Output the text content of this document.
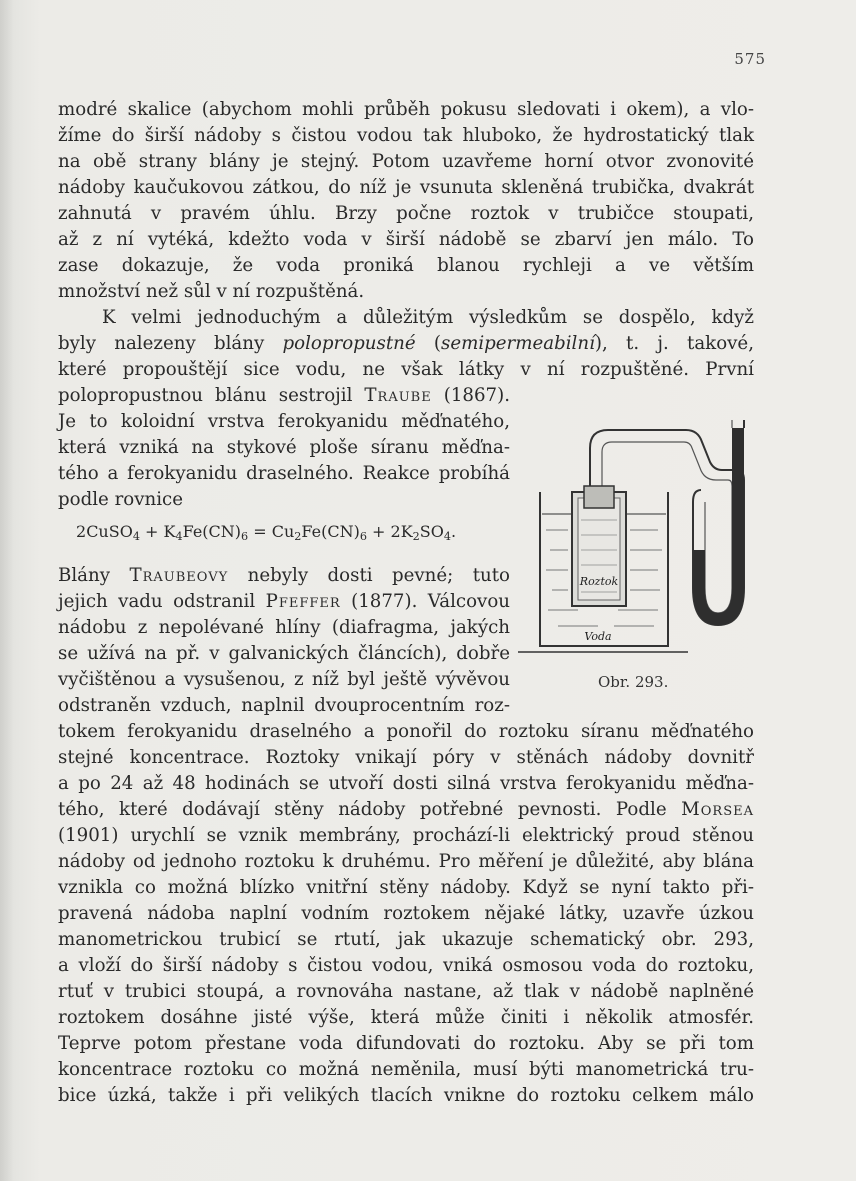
575
modré skalice (abychom mohli průběh pokusu sledovati i okem), a vlo-
žíme do širší nádoby s čistou vodou tak hluboko, že hydrostatický tlak
na obě strany blány je stejný. Potom uzavřeme horní otvor zvonovité
nádoby kaučukovou zátkou, do níž je vsunuta skleněná trubička, dvakrát
zahnutá v pravém úhlu. Brzy počne roztok v trubičce stoupati,
až z ní vytéká, kdežto voda v širší nádobě se zbarví jen málo. To
zase dokazuje, že voda proniká blanou rychleji a ve větším
množství než sůl v ní rozpuštěná.
K velmi jednoduchým a důležitým výsledkům se dospělo, když
byly nalezeny blány polopropustné (semipermeabilní), t. j. takové,
které propouštějí sice vodu, ne však látky v ní rozpuštěné. První
polopropustnou blánu sestrojil Traube (1867).
Je to koloidní vrstva ferokyanidu měďnatého,
která vzniká na stykové ploše síranu měďna-
tého a ferokyanidu draselného. Reakce probíhá
podle rovnice
2CuSO$_4$ + $K_4Fe(CN)_6 = Cu_2Fe(CN)_6 + 2K_2SO_4$.
Blány Traubeovy nebyly dosti pevné; tuto
jejich vadu odstranil Pfeffer (1877). Válcovou
nádobu z nepolévané hlíny (diafragma, jakých
se užívá na př. v galvanických článcích), dobře
vyčištěnou a vysušenou, z níž byl ještě vývěvou
odstraněn vzduch, naplnil dvouprocentním roz-
tokem ferokyanidu draselného a ponořil do roztoku síranu měďnatého
stejné koncentrace. Roztoky vnikají póry v stěnách nádoby dovnitř
a po 24 až 48 hodinách se utvoří dosti silná vrstva ferokyanidu měďna-
tého, které dodávají stěny nádoby potřebné pevnosti. Podle Morsea
(1901) urychlí se vznik membrány, prochází-li elektrický proud stěnou
nádoby od jednoho roztoku k druhému. Pro měření je důležité, aby blána
vznikla co možná blízko vnitřní stěny nádoby. Když se nyní takto při-
pravená nádoba naplní vodním roztokem nějaké látky, uzavře úzkou
manometrickou trubicí se rtutí, jak ukazuje schematický obr. 293,
a vloží do širší nádoby s čistou vodou, vniká osmosou voda do roztoku,
rtuť v trubici stoupá, a rovnováha nastane, až tlak v nádobě naplněné
roztokem dosáhne jisté výše, která může činiti i několik atmosfér.
Teprve potom přestane voda difundovati do roztoku. Aby se při tom
koncentrace roztoku co možná neměnila, musí býti manometrická tru-
bice úzká, takže i při velikých tlacích vnikne do roztoku celkem málo
Roztok
Voda
Obr. 293.
